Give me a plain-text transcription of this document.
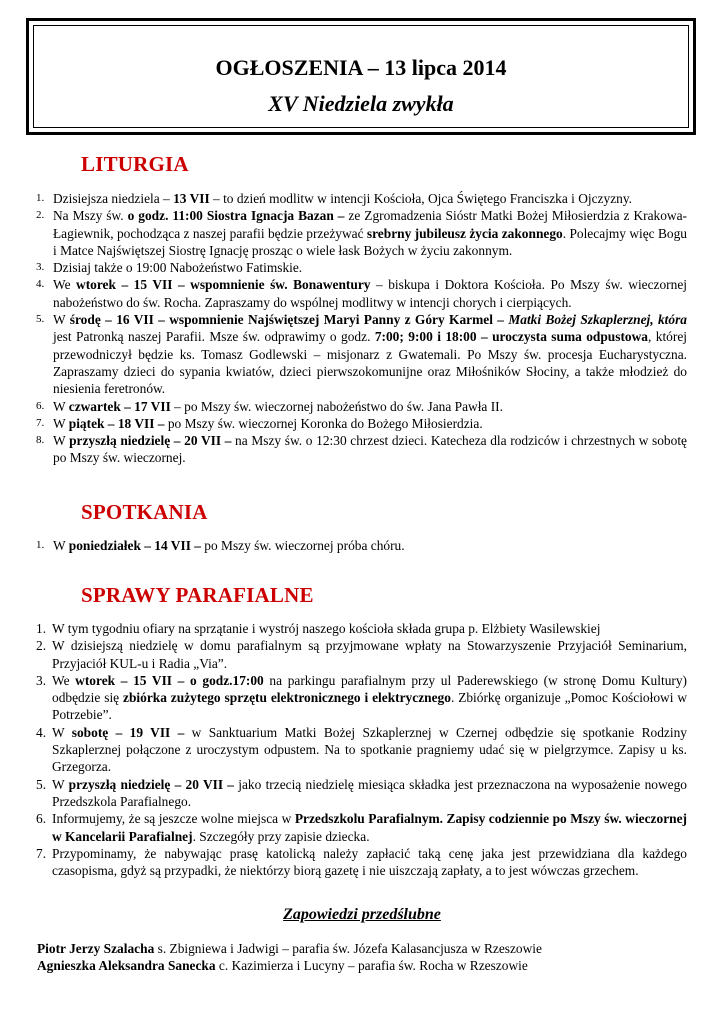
OGŁOSZENIA – 13 lipca 2014
XV Niedziela zwykła
LITURGIA
1. Dzisiejsza niedziela – 13 VII – to dzień modlitw w intencji Kościoła, Ojca Świętego Franciszka i Ojczyzny.
2. Na Mszy św. o godz. 11:00 Siostra Ignacja Bazan – ze Zgromadzenia Sióstr Matki Bożej Miłosierdzia z Krakowa-Łagiewnik, pochodząca z naszej parafii będzie przeżywać srebrny jubileusz życia zakonnego. Polecajmy więc Bogu i Matce Najświętszej Siostrę Ignację prosząc o wiele łask Bożych w życiu zakonnym.
3. Dzisiaj także o 19:00 Nabożeństwo Fatimskie.
4. We wtorek – 15 VII – wspomnienie św. Bonawentury – biskupa i Doktora Kościoła. Po Mszy św. wieczornej nabożeństwo do św. Rocha. Zapraszamy do wspólnej modlitwy w intencji chorych i cierpiących.
5. W środę – 16 VII – wspomnienie Najświętszej Maryi Panny z Góry Karmel – Matki Bożej Szkaplerznej, która jest Patronką naszej Parafii. Msze św. odprawimy o godz. 7:00; 9:00 i 18:00 – uroczysta suma odpustowa, której przewodniczył będzie ks. Tomasz Godlewski – misjonarz z Gwatemali. Po Mszy św. procesja Eucharystyczna. Zapraszamy dzieci do sypania kwiatów, dzieci pierwszokomunijne oraz Miłośników Słociny, a także młodzież do niesienia feretronów.
6. W czwartek – 17 VII – po Mszy św. wieczornej nabożeństwo do św. Jana Pawła II.
7. W piątek – 18 VII – po Mszy św. wieczornej Koronka do Bożego Miłosierdzia.
8. W przyszłą niedzielę – 20 VII – na Mszy św. o 12:30 chrzest dzieci. Katecheza dla rodziców i chrzestnych w sobotę po Mszy św. wieczornej.
SPOTKANIA
1. W poniedziałek – 14 VII – po Mszy św. wieczornej próba chóru.
SPRAWY PARAFIALNE
1. W tym tygodniu ofiary na sprzątanie i wystrój naszego kościoła składa grupa p. Elżbiety Wasilewskiej
2. W dzisiejszą niedzielę w domu parafialnym są przyjmowane wpłaty na Stowarzyszenie Przyjaciół Seminarium, Przyjaciół KUL-u i Radia „Via”.
3. We wtorek – 15 VII – o godz.17:00 na parkingu parafialnym przy ul Paderewskiego (w stronę Domu Kultury) odbędzie się zbiórka zużytego sprzętu elektronicznego i elektrycznego. Zbiórkę organizuje „Pomoc Kościołowi w Potrzebie”.
4. W sobotę – 19 VII – w Sanktuarium Matki Bożej Szkaplerznej w Czernej odbędzie się spotkanie Rodziny Szkaplerznej połączone z uroczystym odpustem. Na to spotkanie pragniemy udać się w pielgrzymce. Zapisy u ks. Grzegorza.
5. W przyszłą niedzielę – 20 VII – jako trzecią niedzielę miesiąca składka jest przeznaczona na wyposażenie nowego Przedszkola Parafialnego.
6. Informujemy, że są jeszcze wolne miejsca w Przedszkolu Parafialnym. Zapisy codziennie po Mszy św. wieczornej w Kancelarii Parafialnej. Szczegóły przy zapisie dziecka.
7. Przypominamy, że nabywając prasę katolicką należy zapłacić taką cenę jaka jest przewidziana dla każdego czasopisma, gdyż są przypadki, że niektórzy biorą gazetę i nie uiszczają zapłaty, a to jest wówczas grzechem.
Zapowiedzi przedślubne
Piotr Jerzy Szalacha s. Zbigniewa i Jadwigi – parafia św. Józefa Kalasancjusza w Rzeszowie
Agnieszka Aleksandra Sanecka c. Kazimierza i Lucyny – parafia św. Rocha w Rzeszowie
